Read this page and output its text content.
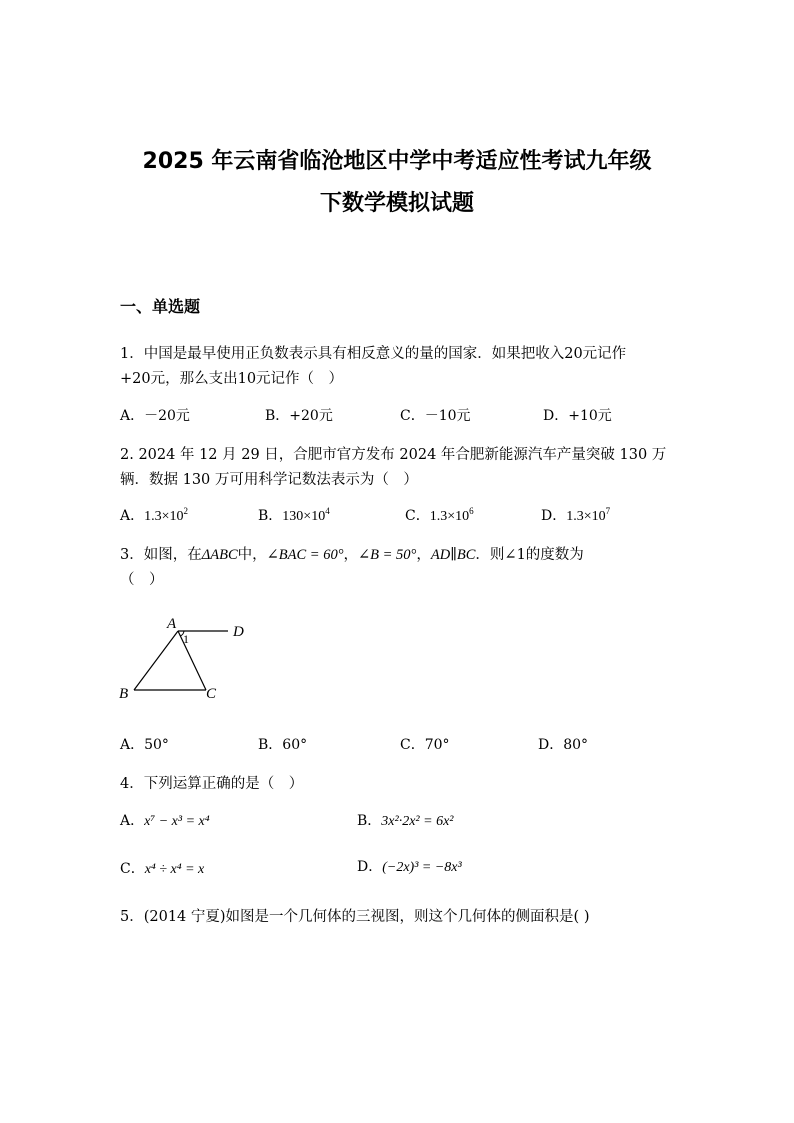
2025 年云南省临沧地区中学中考适应性考试九年级
下数学模拟试题
一、单选题
1．中国是最早使用正负数表示具有相反意义的量的国家．如果把收入20元记作
+20元，那么支出10元记作（　）
A．－20元	B．+20元	C．－10元	D．+10元
2. 2024 年 12 月 29 日，合肥市官方发布 2024 年合肥新能源汽车产量突破 130 万
辆．数据 130 万可用科学记数法表示为（　）
A．$1.3\times 10^2$	B．$130\times 10^4$	C．$1.3\times 10^6$	D．$1.3\times 10^7$
3．如图，在ΔABC中，∠BAC = 60°，∠B = 50°，AD∥BC．则∠1的度数为
（　）
A	D
B	C
1
A．50°	B．60°	C．70°	D．80°
4．下列运算正确的是（　）
A．x⁷ − x³ = x⁴	B．3x²·2x² = 6x²
C．x⁴ ÷ x⁴ = x	D．(−2x)³ = −8x³
5．(2014 宁夏)如图是一个几何体的三视图，则这个几何体的侧面积是( )
